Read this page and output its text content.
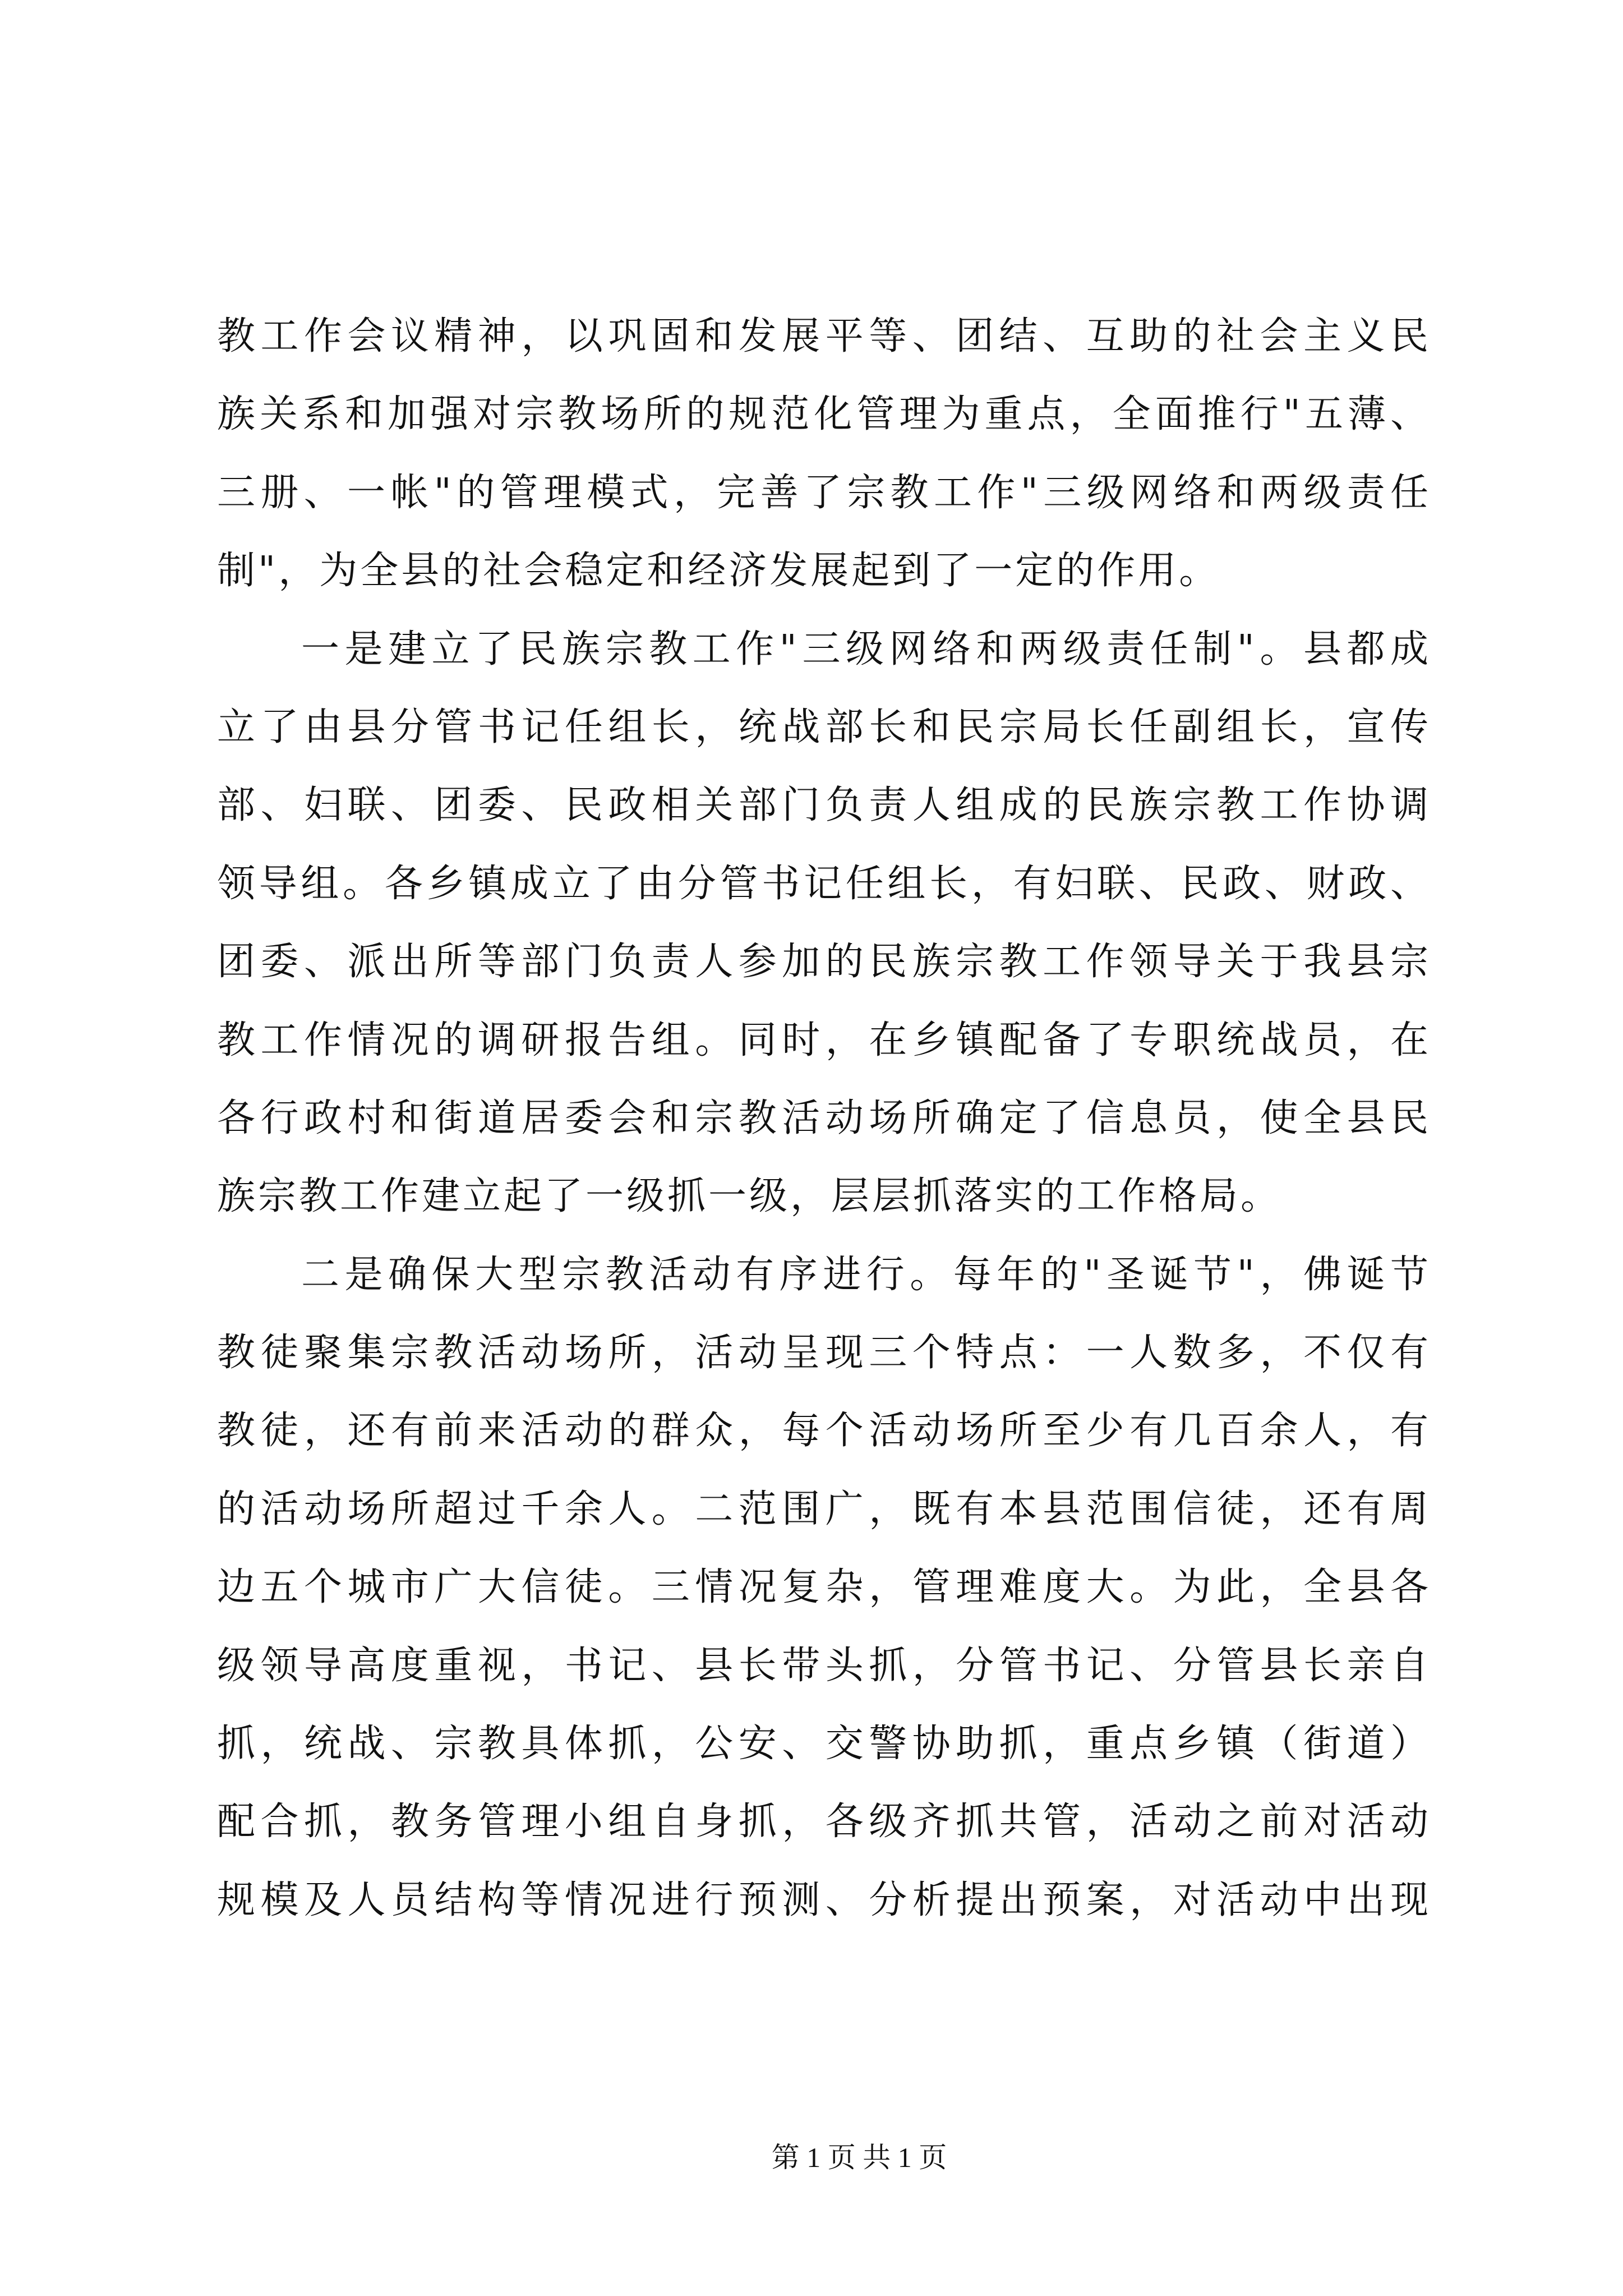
教工作会议精神，以巩固和发展平等、团结、互助的社会主义民
族关系和加强对宗教场所的规范化管理为重点，全面推行"五薄、
三册、一帐"的管理模式，完善了宗教工作"三级网络和两级责任
制"，为全县的社会稳定和经济发展起到了一定的作用。
一是建立了民族宗教工作"三级网络和两级责任制"。县都成
立了由县分管书记任组长，统战部长和民宗局长任副组长，宣传
部、妇联、团委、民政相关部门负责人组成的民族宗教工作协调
领导组。各乡镇成立了由分管书记任组长，有妇联、民政、财政、
团委、派出所等部门负责人参加的民族宗教工作领导关于我县宗
教工作情况的调研报告组。同时，在乡镇配备了专职统战员，在
各行政村和街道居委会和宗教活动场所确定了信息员，使全县民
族宗教工作建立起了一级抓一级，层层抓落实的工作格局。
二是确保大型宗教活动有序进行。每年的"圣诞节"，佛诞节
教徒聚集宗教活动场所，活动呈现三个特点：一人数多，不仅有
教徒，还有前来活动的群众，每个活动场所至少有几百余人，有
的活动场所超过千余人。二范围广，既有本县范围信徒，还有周
边五个城市广大信徒。三情况复杂，管理难度大。为此，全县各
级领导高度重视，书记、县长带头抓，分管书记、分管县长亲自
抓，统战、宗教具体抓，公安、交警协助抓，重点乡镇（街道）
配合抓，教务管理小组自身抓，各级齐抓共管，活动之前对活动
规模及人员结构等情况进行预测、分析提出预案，对活动中出现
第 1 页 共 1 页
